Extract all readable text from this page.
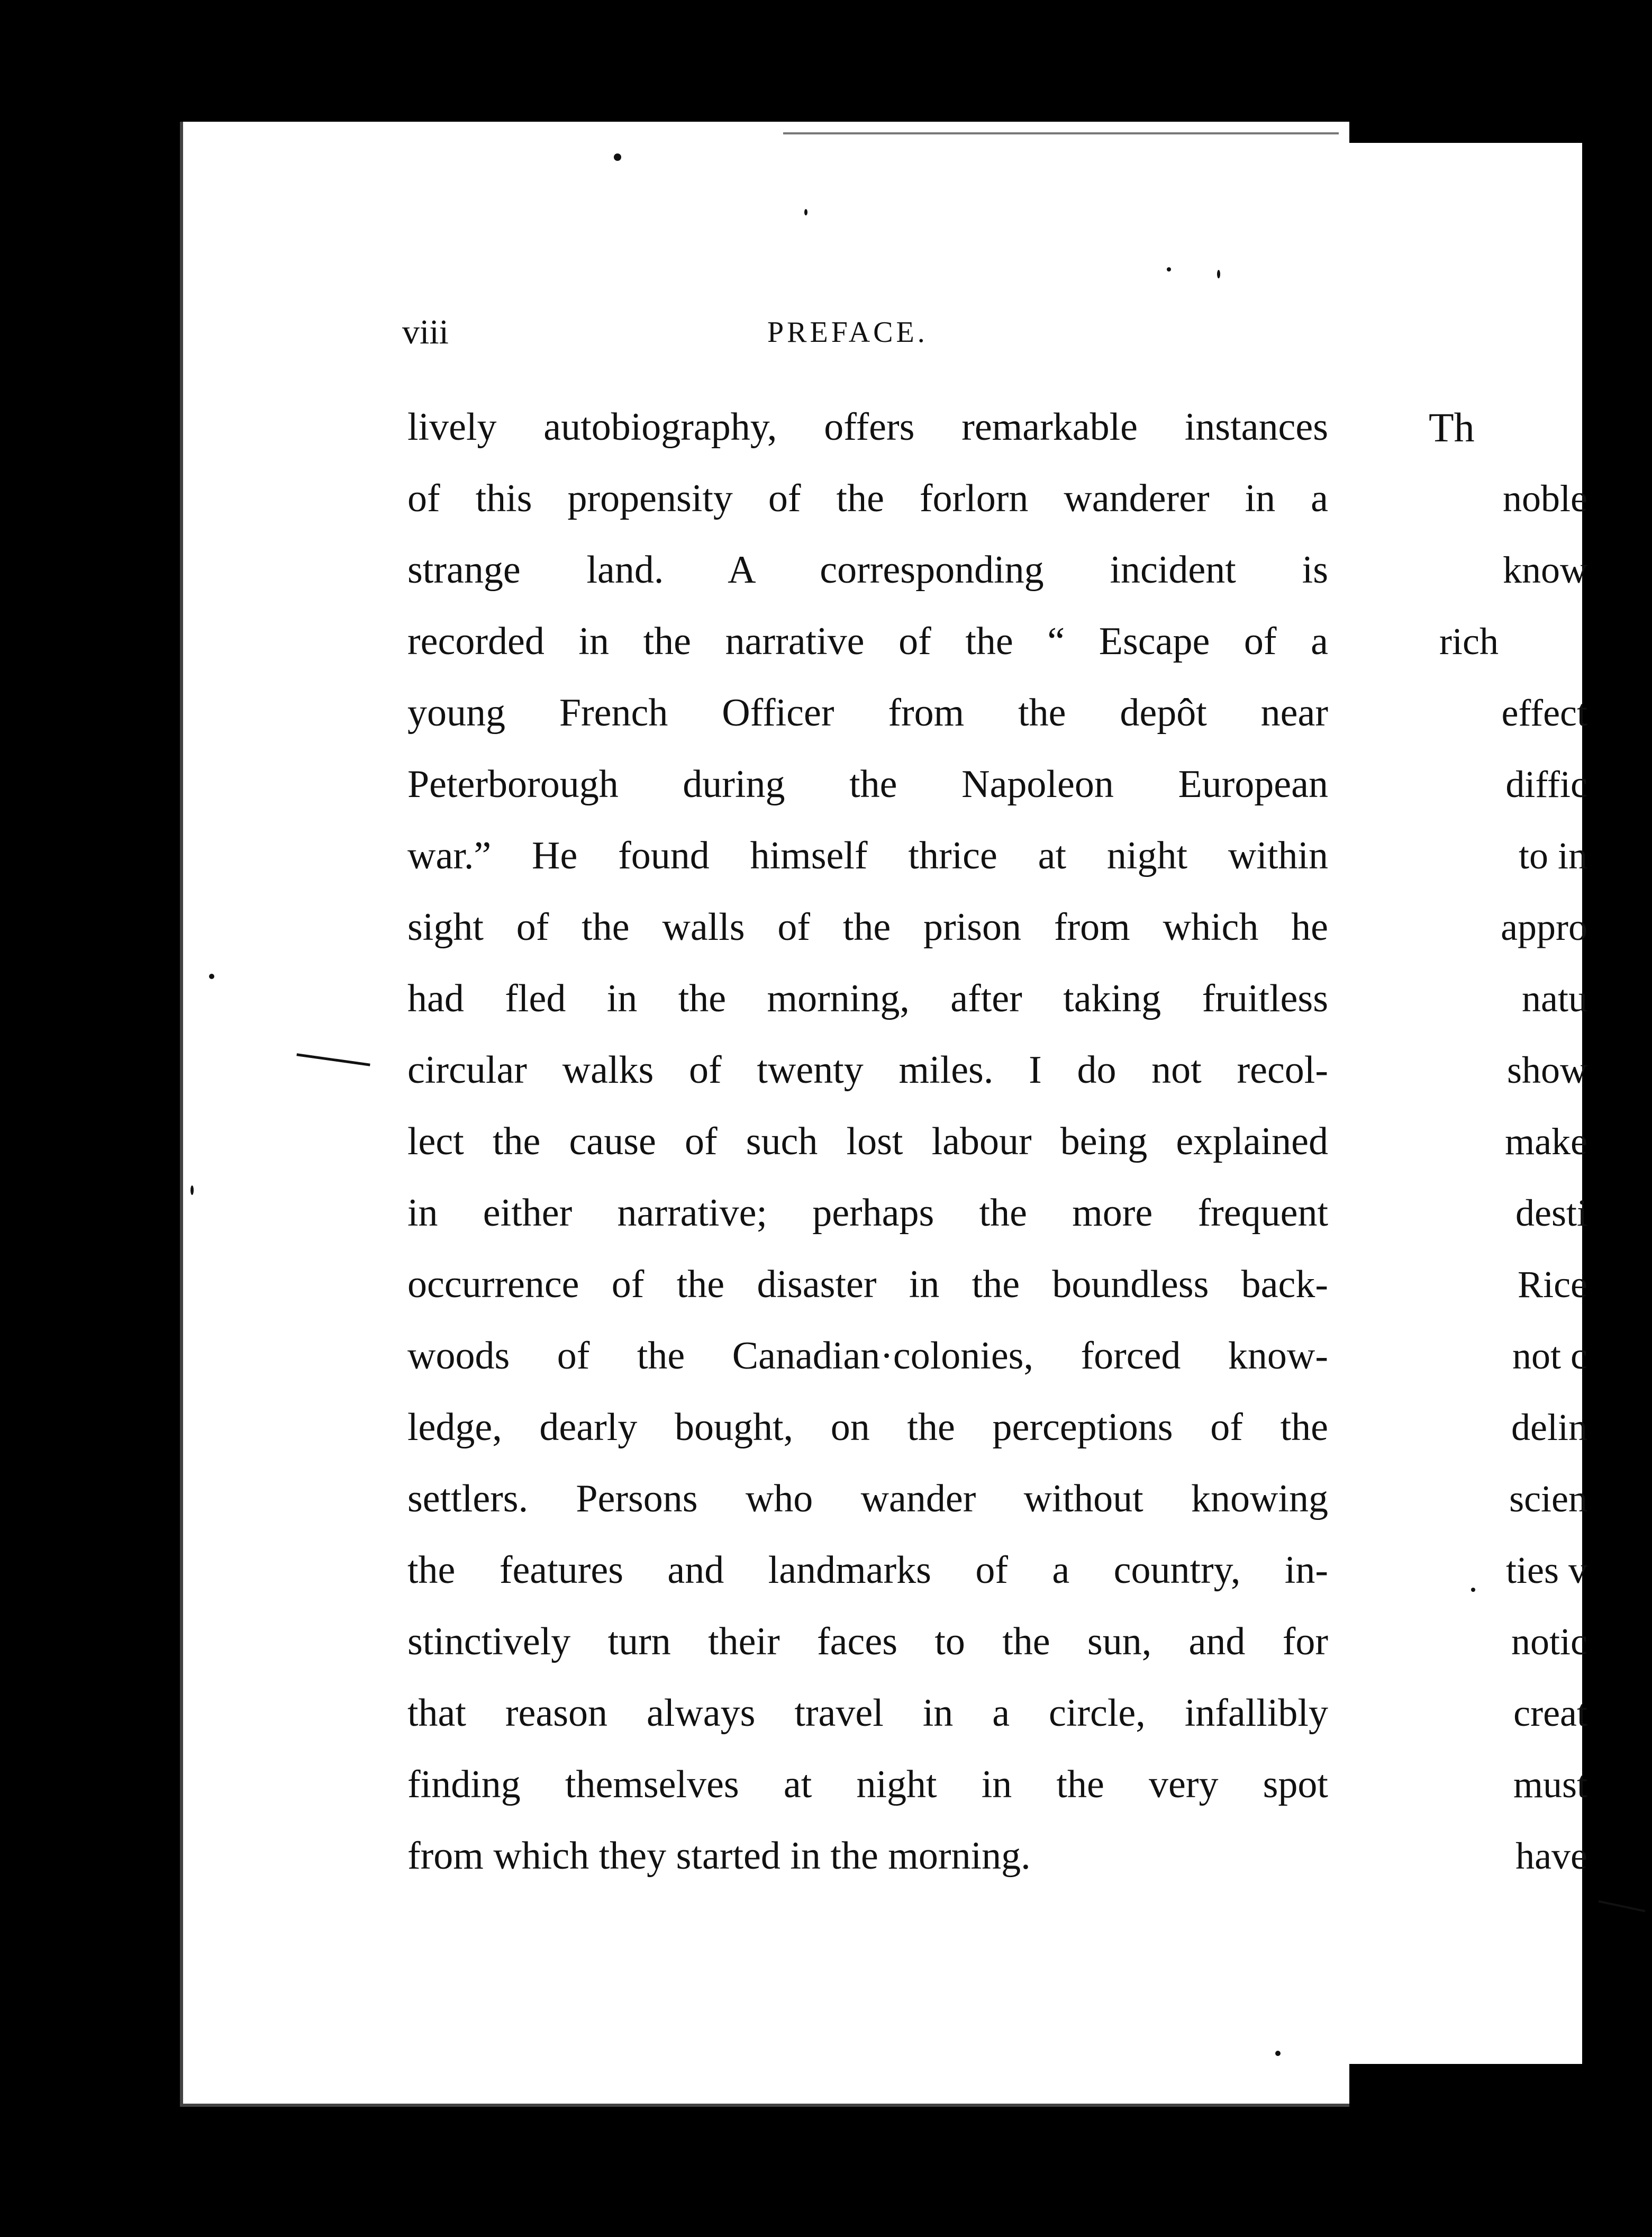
viii	PREFACE.
lively autobiography, offers remarkable instances
of this propensity of the forlorn wanderer in a
strange land. A corresponding incident is
recorded in the narrative of the “ Escape of a
young French Officer from the depôt near
Peterborough during the Napoleon European
war.” He found himself thrice at night within
sight of the walls of the prison from which he
had fled in the morning, after taking fruitless
circular walks of twenty miles. I do not recol-
lect the cause of such lost labour being explained
in either narrative; perhaps the more frequent
occurrence of the disaster in the boundless back-
woods of the Canadian·colonies, forced know-
ledge, dearly bought, on the perceptions of the
settlers. Persons who wander without knowing
the features and landmarks of a country, in-
stinctively turn their faces to the sun, and for
that reason always travel in a circle, infallibly
finding themselves at night in the very spot
from which they started in the morning.
Th
noble
know
rich
effect
diffic
to in
appro
natu
show
make
desti
Rice
not c
delin
scien
ties v
notic
creat
must
have
